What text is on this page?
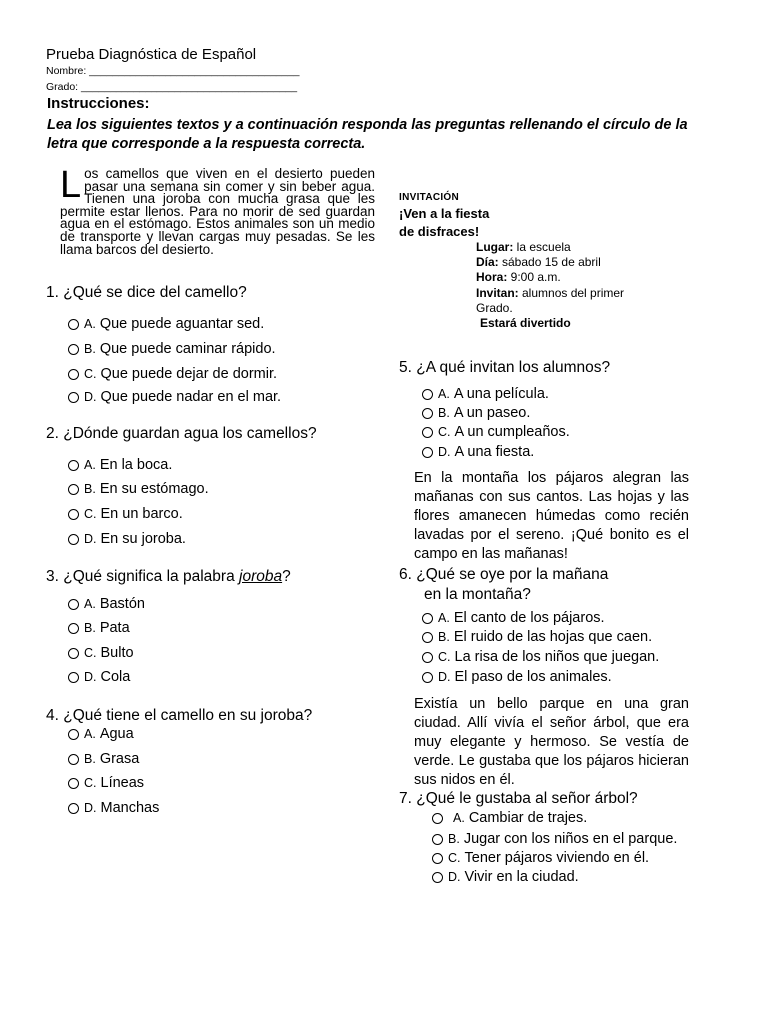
Prueba Diagnóstica de Español
Nombre: ____________________________________
Grado: _____________________________________
Instrucciones:
Lea los siguientes textos y a continuación responda las preguntas rellenando el círculo de la letra que corresponde a la respuesta correcta.
Los camellos que viven en el desierto pueden pasar una semana sin comer y sin beber agua. Tienen una joroba con mucha grasa que les permite estar llenos. Para no morir de sed guardan agua en el estómago. Estos animales son un medio de transporte y llevan cargas muy pesadas. Se les llama barcos del desierto.
1. ¿Qué se dice del camello?
A. Que puede aguantar sed.
B. Que puede caminar rápido.
C. Que puede dejar de dormir.
D. Que puede nadar en el mar.
2. ¿Dónde guardan agua los camellos?
A. En la boca.
B. En su estómago.
C. En un barco.
D. En su joroba.
3. ¿Qué significa la palabra joroba?
A. Bastón
B. Pata
C. Bulto
D. Cola
4. ¿Qué tiene el camello en su joroba?
A. Agua
B. Grasa
C. Líneas
D. Manchas
INVITACIÓN
¡Ven a la fiesta
de disfraces!
Lugar: la escuela
Día: sábado 15 de abril
Hora: 9:00 a.m.
Invitan: alumnos del primer Grado.
Estará divertido
5. ¿A qué invitan los alumnos?
A. A una película.
B. A un paseo.
C. A un cumpleaños.
D. A una fiesta.
En la montaña los pájaros alegran las mañanas con sus cantos. Las hojas y las flores amanecen húmedas como recién lavadas por el sereno. ¡Qué bonito es el campo en las mañanas!
6. ¿Qué se oye por la mañana
en la montaña?
A. El canto de los pájaros.
B. El ruido de las hojas que caen.
C. La risa de los niños que juegan.
D. El paso de los animales.
Existía un bello parque en una gran ciudad. Allí vivía el señor árbol, que era muy elegante y hermoso. Se vestía de verde. Le gustaba que los pájaros hicieran sus nidos en él.
7. ¿Qué le gustaba al señor árbol?
A. Cambiar de trajes.
B. Jugar con los niños en el parque.
C. Tener pájaros viviendo en él.
D. Vivir en la ciudad.
